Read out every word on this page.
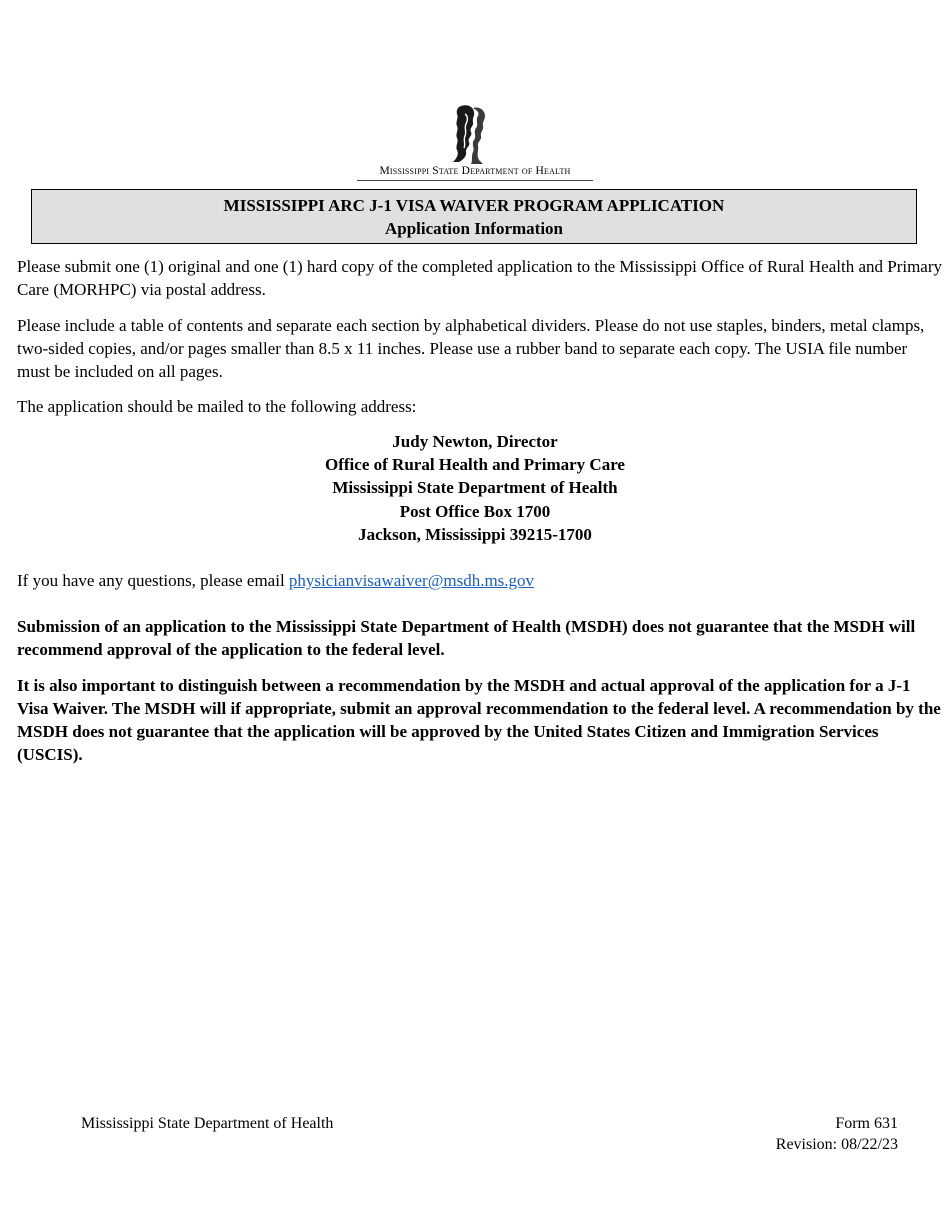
Mississippi State Department of Health
MISSISSIPPI ARC J-1 VISA WAIVER PROGRAM APPLICATION
Application Information

Please submit one (1) original and one (1) hard copy of the completed application to the Mississippi Office of Rural Health and Primary Care (MORHPC) via postal address.

Please include a table of contents and separate each section by alphabetical dividers. Please do not use staples, binders, metal clamps, two-sided copies, and/or pages smaller than 8.5 x 11 inches. Please use a rubber band to separate each copy. The USIA file number must be included on all pages.

The application should be mailed to the following address:

Judy Newton, Director
Office of Rural Health and Primary Care
Mississippi State Department of Health
Post Office Box 1700
Jackson, Mississippi 39215-1700

If you have any questions, please email physicianvisawaiver@msdh.ms.gov

Submission of an application to the Mississippi State Department of Health (MSDH) does not guarantee that the MSDH will recommend approval of the application to the federal level.

It is also important to distinguish between a recommendation by the MSDH and actual approval of the application for a J-1 Visa Waiver. The MSDH will if appropriate, submit an approval recommendation to the federal level. A recommendation by the MSDH does not guarantee that the application will be approved by the United States Citizen and Immigration Services (USCIS).

Mississippi State Department of Health	Form 631
Revision: 08/22/23
